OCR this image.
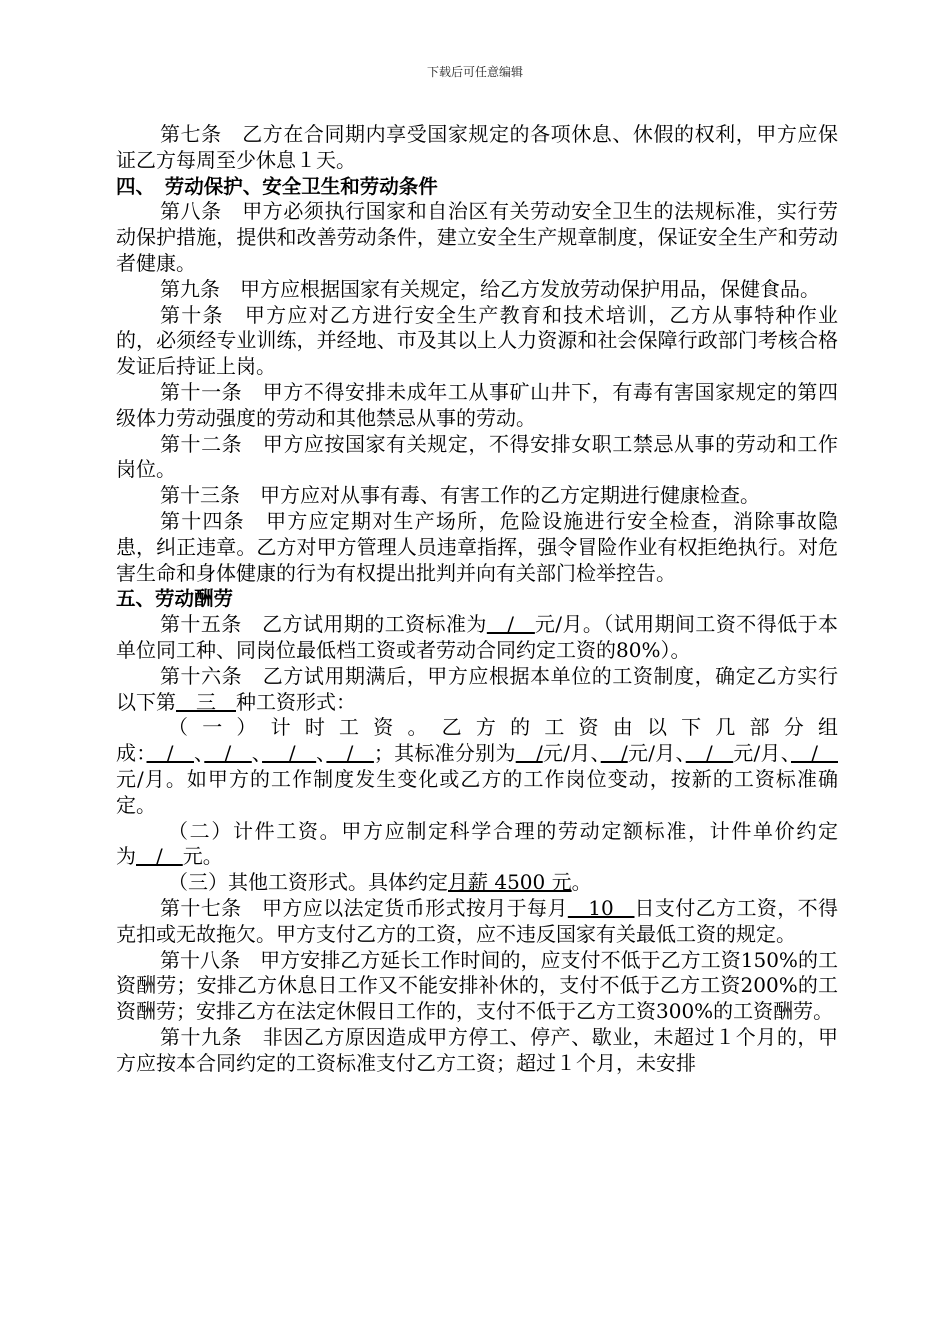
下载后可任意编辑

第七条　乙方在合同期内享受国家规定的各项休息、休假的权利，甲方应保证乙方每周至少休息１天。

四、　劳动保护、安全卫生和劳动条件

第八条　甲方必须执行国家和自治区有关劳动安全卫生的法规标准，实行劳动保护措施，提供和改善劳动条件，建立安全生产规章制度，保证安全生产和劳动者健康。

第九条　甲方应根据国家有关规定，给乙方发放劳动保护用品，保健食品。

第十条　甲方应对乙方进行安全生产教育和技术培训，乙方从事特种作业的，必须经专业训练，并经地、市及其以上人力资源和社会保障行政部门考核合格发证后持证上岗。

第十一条　甲方不得安排未成年工从事矿山井下，有毒有害国家规定的第四级体力劳动强度的劳动和其他禁忌从事的劳动。

第十二条　甲方应按国家有关规定，不得安排女职工禁忌从事的劳动和工作岗位。

第十三条　甲方应对从事有毒、有害工作的乙方定期进行健康检查。

第十四条　甲方应定期对生产场所，危险设施进行安全检查，消除事故隐患，纠正违章。乙方对甲方管理人员违章指挥，强令冒险作业有权拒绝执行。对危害生命和身体健康的行为有权提出批判并向有关部门检举控告。

五、劳动酬劳

第十五条　乙方试用期的工资标准为　/　元/月。（试用期间工资不得低于本单位同工种、同岗位最低档工资或者劳动合同约定工资的80%）。

第十六条　乙方试用期满后，甲方应根据本单位的工资制度，确定乙方实行以下第　三　种工资形式：

（一）计时工资。乙方的工资由以下几部分组成：　/　、　/　、　 /　、　/　；其标准分别为　/元/月、　/元/月、　/　元/月、　/　元/月。如甲方的工作制度发生变化或乙方的工作岗位变动，按新的工资标准确定。

（二）计件工资。甲方应制定科学合理的劳动定额标准，计件单价约定为　/　元。

（三）其他工资形式。具体约定月薪 4500 元。

第十七条　甲方应以法定货币形式按月于每月　10　日支付乙方工资，不得克扣或无故拖欠。甲方支付乙方的工资，应不违反国家有关最低工资的规定。

第十八条　甲方安排乙方延长工作时间的，应支付不低于乙方工资150%的工资酬劳；安排乙方休息日工作又不能安排补休的，支付不低于乙方工资200%的工资酬劳；安排乙方在法定休假日工作的，支付不低于乙方工资300%的工资酬劳。

第十九条　非因乙方原因造成甲方停工、停产、歇业，未超过１个月的，甲方应按本合同约定的工资标准支付乙方工资；超过１个月，未安排
